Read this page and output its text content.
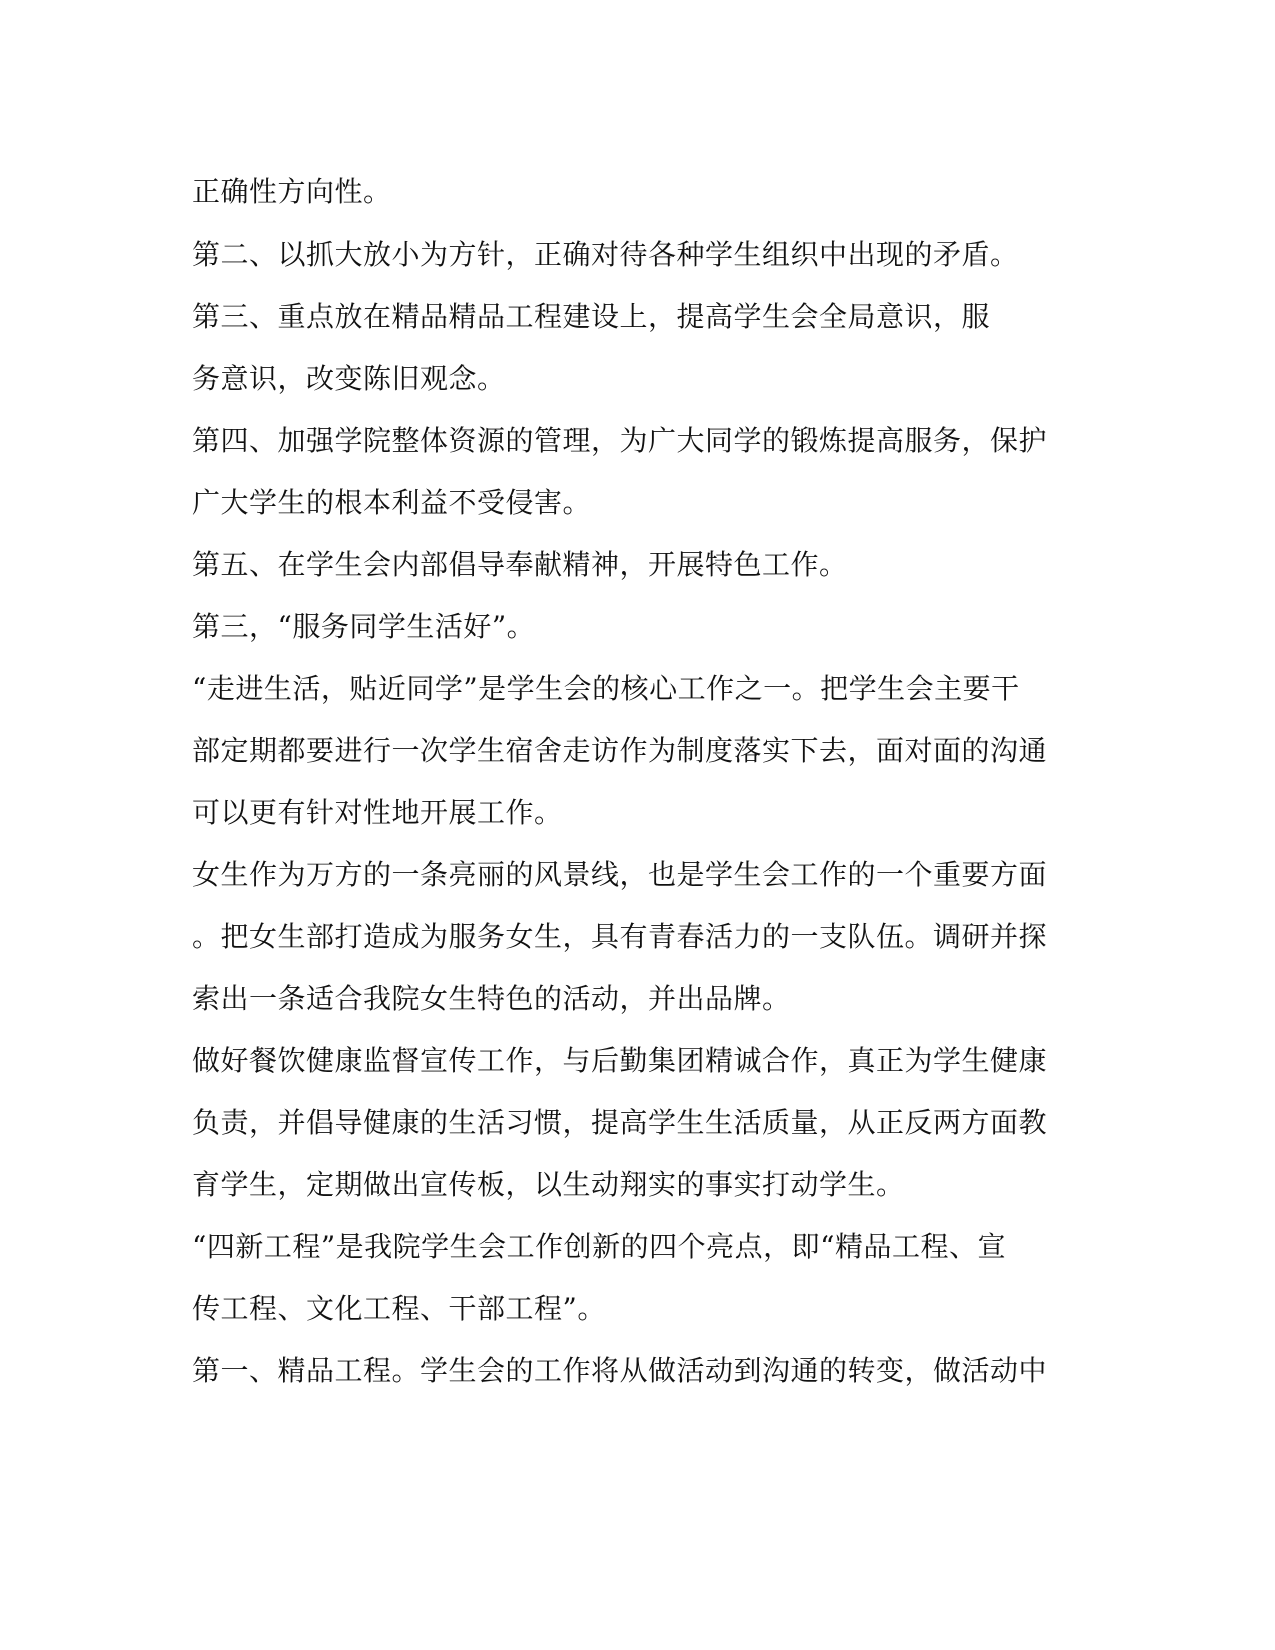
正确性方向性。
第二、以抓大放小为方针，正确对待各种学生组织中出现的矛盾。
第三、重点放在精品精品工程建设上，提高学生会全局意识，服
务意识，改变陈旧观念。
第四、加强学院整体资源的管理，为广大同学的锻炼提高服务，保护
广大学生的根本利益不受侵害。
第五、在学生会内部倡导奉献精神，开展特色工作。
第三，“服务同学生活好”。
“走进生活，贴近同学”是学生会的核心工作之一。把学生会主要干
部定期都要进行一次学生宿舍走访作为制度落实下去，面对面的沟通
可以更有针对性地开展工作。
女生作为万方的一条亮丽的风景线，也是学生会工作的一个重要方面
。把女生部打造成为服务女生，具有青春活力的一支队伍。调研并探
索出一条适合我院女生特色的活动，并出品牌。
做好餐饮健康监督宣传工作，与后勤集团精诚合作，真正为学生健康
负责，并倡导健康的生活习惯，提高学生生活质量，从正反两方面教
育学生，定期做出宣传板，以生动翔实的事实打动学生。
“四新工程”是我院学生会工作创新的四个亮点，即“精品工程、宣
传工程、文化工程、干部工程”。
第一、精品工程。学生会的工作将从做活动到沟通的转变，做活动中
